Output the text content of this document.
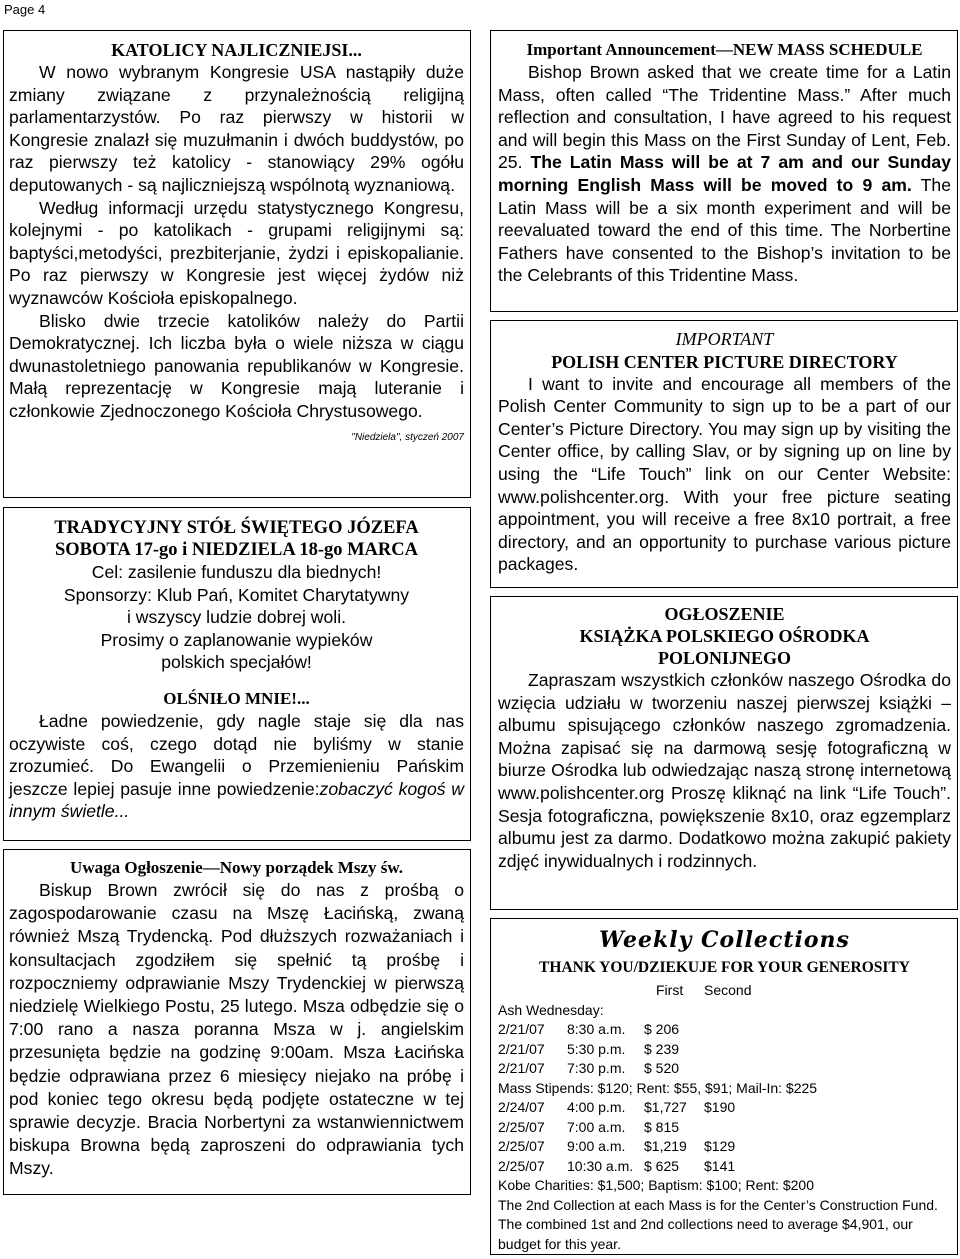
Page 4

KATOLICY NAJLICZNIEJSI...

W nowo wybranym Kongresie USA nastąpiły duże zmiany związane z przynależnością religijną parlamentarzystów. Po raz pierwszy w historii w Kongresie znalazł się muzułmanin i dwóch buddystów, po raz pierwszy też katolicy - stanowiący 29% ogółu deputowanych - są najliczniejszą wspólnotą wyznaniową.

Według informacji urzędu statystycznego Kongresu, kolejnymi - po katolikach - grupami religijnymi są: baptyści,metodyści, prezbiterjanie, żydzi i episkopalianie. Po raz pierwszy w Kongresie jest więcej żydów niż wyznawców Kościoła episkopalnego.

Blisko dwie trzecie katolików należy do Partii Demokratycznej. Ich liczba była o wiele niższa w ciągu dwunastoletniego panowania republikanów w Kongresie. Małą reprezentację w Kongresie mają luteranie i członkowie Zjednoczonego Kościoła Chrystusowego.

"Niedziela", styczeń 2007

TRADYCYJNY STÓŁ ŚWIĘTEGO JÓZEFA

SOBOTA 17-go i NIEDZIELA 18-go MARCA

Cel: zasilenie funduszu dla biednych!

Sponsorzy: Klub Pań, Komitet Charytatywny

i wszyscy ludzie dobrej woli.

Prosimy o zaplanowanie wypieków

polskich specjałów!

OLŚNIŁO MNIE!...

Ładne powiedzenie, gdy nagle staje się dla nas oczywiste coś, czego dotąd nie byliśmy w stanie zrozumieć. Do Ewangelii o Przemienieniu Pańskim jeszcze lepiej pasuje inne powiedzenie:zobaczyć kogoś w innym świetle...

Uwaga Ogłoszenie—Nowy porządek Mszy św.

Biskup Brown zwrócił się do nas z prośbą o zagospodarowanie czasu na Mszę Łacińską, zwaną również Mszą Trydencką. Pod dłuższych rozważaniach i konsultacjach zgodziłem się spełnić tą prośbę i rozpoczniemy odprawianie Mszy Trydenckiej w pierwszą niedzielę Wielkiego Postu, 25 lutego. Msza odbędzie się o 7:00 rano a nasza poranna Msza w j. angielskim przesunięta będzie na godzinę 9:00am. Msza Łacińska będzie odprawiana przez 6 miesięcy niejako na próbę i pod koniec tego okresu będą podjęte ostateczne w tej sprawie decyzje. Bracia Norbertyni za wstanwiennictwem biskupa Browna będą zaproszeni do odprawiania tych Mszy.

Important Announcement—NEW MASS SCHEDULE

Bishop Brown asked that we create time for a Latin Mass, often called “The Tridentine Mass.” After much reflection and consultation, I have agreed to his request and will begin this Mass on the First Sunday of Lent, Feb. 25. The Latin Mass will be at 7 am and our Sunday morning English Mass will be moved to 9 am. The Latin Mass will be a six month experiment and will be reevaluated toward the end of this time. The Norbertine Fathers have consented to the Bishop’s invitation to be the Celebrants of this Tridentine Mass.

IMPORTANT

POLISH CENTER PICTURE DIRECTORY

I want to invite and encourage all members of the Polish Center Community to sign up to be a part of our Center’s Picture Directory. You may sign up by visiting the Center office, by calling Slav, or by signing up on line by using the “Life Touch” link on our Center Website: www.polishcenter.org. With your free picture seating appointment, you will receive a free 8x10 portrait, a free directory, and an opportunity to purchase various picture packages.

OGŁOSZENIE

KSIĄŻKA POLSKIEGO OŚRODKA

POLONIJNEGO

Zapraszam wszystkich członków naszego Ośrodka do wzięcia udziału w tworzeniu naszej pierwszej książki – albumu spisującego członków naszego zgromadzenia. Można zapisać się na darmową sesję fotograficzną w biurze Ośrodka lub odwiedzając naszą stronę internetową www.polishcenter.org Proszę kliknąć na link “Life Touch”. Sesja fotograficzna, powiększenie 8x10, oraz egzemplarz albumu jest za darmo. Dodatkowo można zakupić pakiety zdjęć inywidualnych i rodzinnych.

Weekly Collections

THANK YOU/DZIEKUJE FOR YOUR GENEROSITY

First Second
Ash Wednesday:
2/21/07 8:30 a.m. $ 206
2/21/07 5:30 p.m. $ 239
2/21/07 7:30 p.m. $ 520
Mass Stipends: $120; Rent: $55, $91; Mail-In: $225
2/24/07 4:00 p.m. $1,727 $190
2/25/07 7:00 a.m. $ 815
2/25/07 9:00 a.m. $1,219 $129
2/25/07 10:30 a.m. $ 625 $141
Kobe Charities: $1,500; Baptism: $100; Rent: $200
The 2nd Collection at each Mass is for the Center’s Construction Fund. The combined 1st and 2nd collections need to average $4,901, our budget for this year.
